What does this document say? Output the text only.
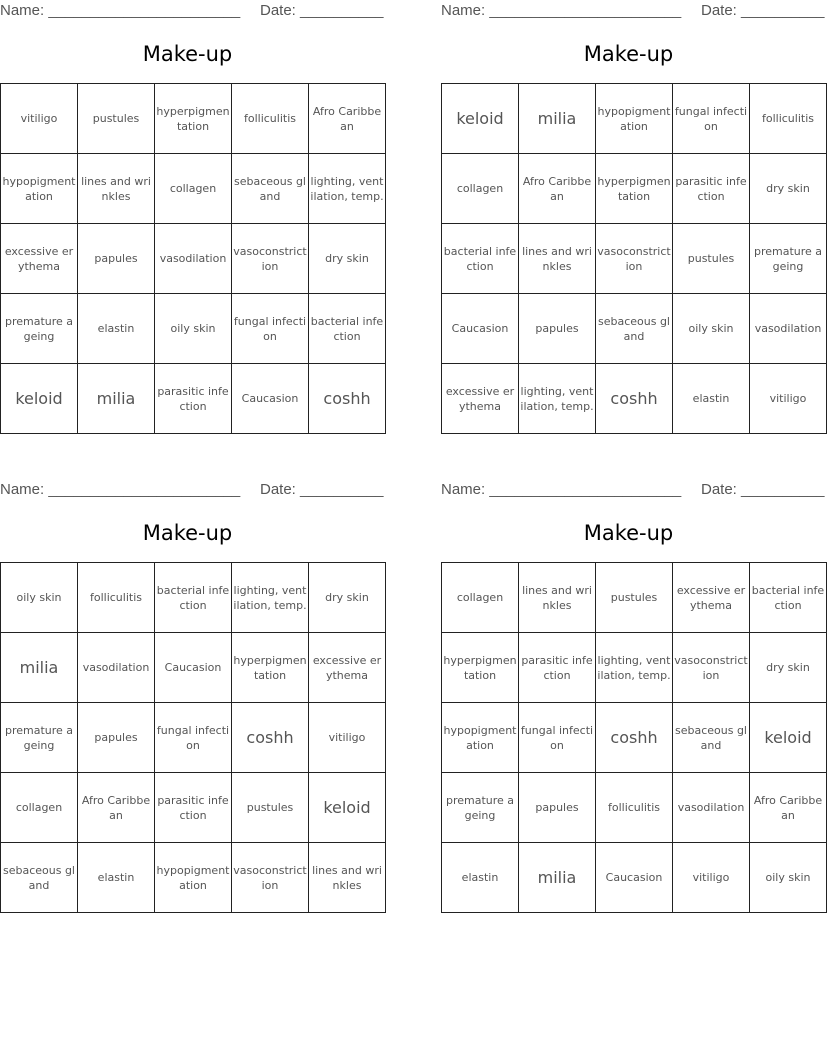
Name: _______________________ Date: __________
Make-up
vitiligo	pustules	hyperpigmentation	folliculitis	Afro Caribbean
hypopigmentation	lines and wrinkles	collagen	sebaceous gland	lighting, ventilation, temp.
excessive erythema	papules	vasodilation	vasoconstriction	dry skin
premature ageing	elastin	oily skin	fungal infection	bacterial infection
keloid	milia	parasitic infection	Caucasion	coshh
Name: _______________________ Date: __________
Make-up
keloid	milia	hypopigmentation	fungal infection	folliculitis
collagen	Afro Caribbean	hyperpigmentation	parasitic infection	dry skin
bacterial infection	lines and wrinkles	vasoconstriction	pustules	premature ageing
Caucasion	papules	sebaceous gland	oily skin	vasodilation
excessive erythema	lighting, ventilation, temp.	coshh	elastin	vitiligo
Name: _______________________ Date: __________
Make-up
oily skin	folliculitis	bacterial infection	lighting, ventilation, temp.	dry skin
milia	vasodilation	Caucasion	hyperpigmentation	excessive erythema
premature ageing	papules	fungal infection	coshh	vitiligo
collagen	Afro Caribbean	parasitic infection	pustules	keloid
sebaceous gland	elastin	hypopigmentation	vasoconstriction	lines and wrinkles
Name: _______________________ Date: __________
Make-up
collagen	lines and wrinkles	pustules	excessive erythema	bacterial infection
hyperpigmentation	parasitic infection	lighting, ventilation, temp.	vasoconstriction	dry skin
hypopigmentation	fungal infection	coshh	sebaceous gland	keloid
premature ageing	papules	folliculitis	vasodilation	Afro Caribbean
elastin	milia	Caucasion	vitiligo	oily skin
